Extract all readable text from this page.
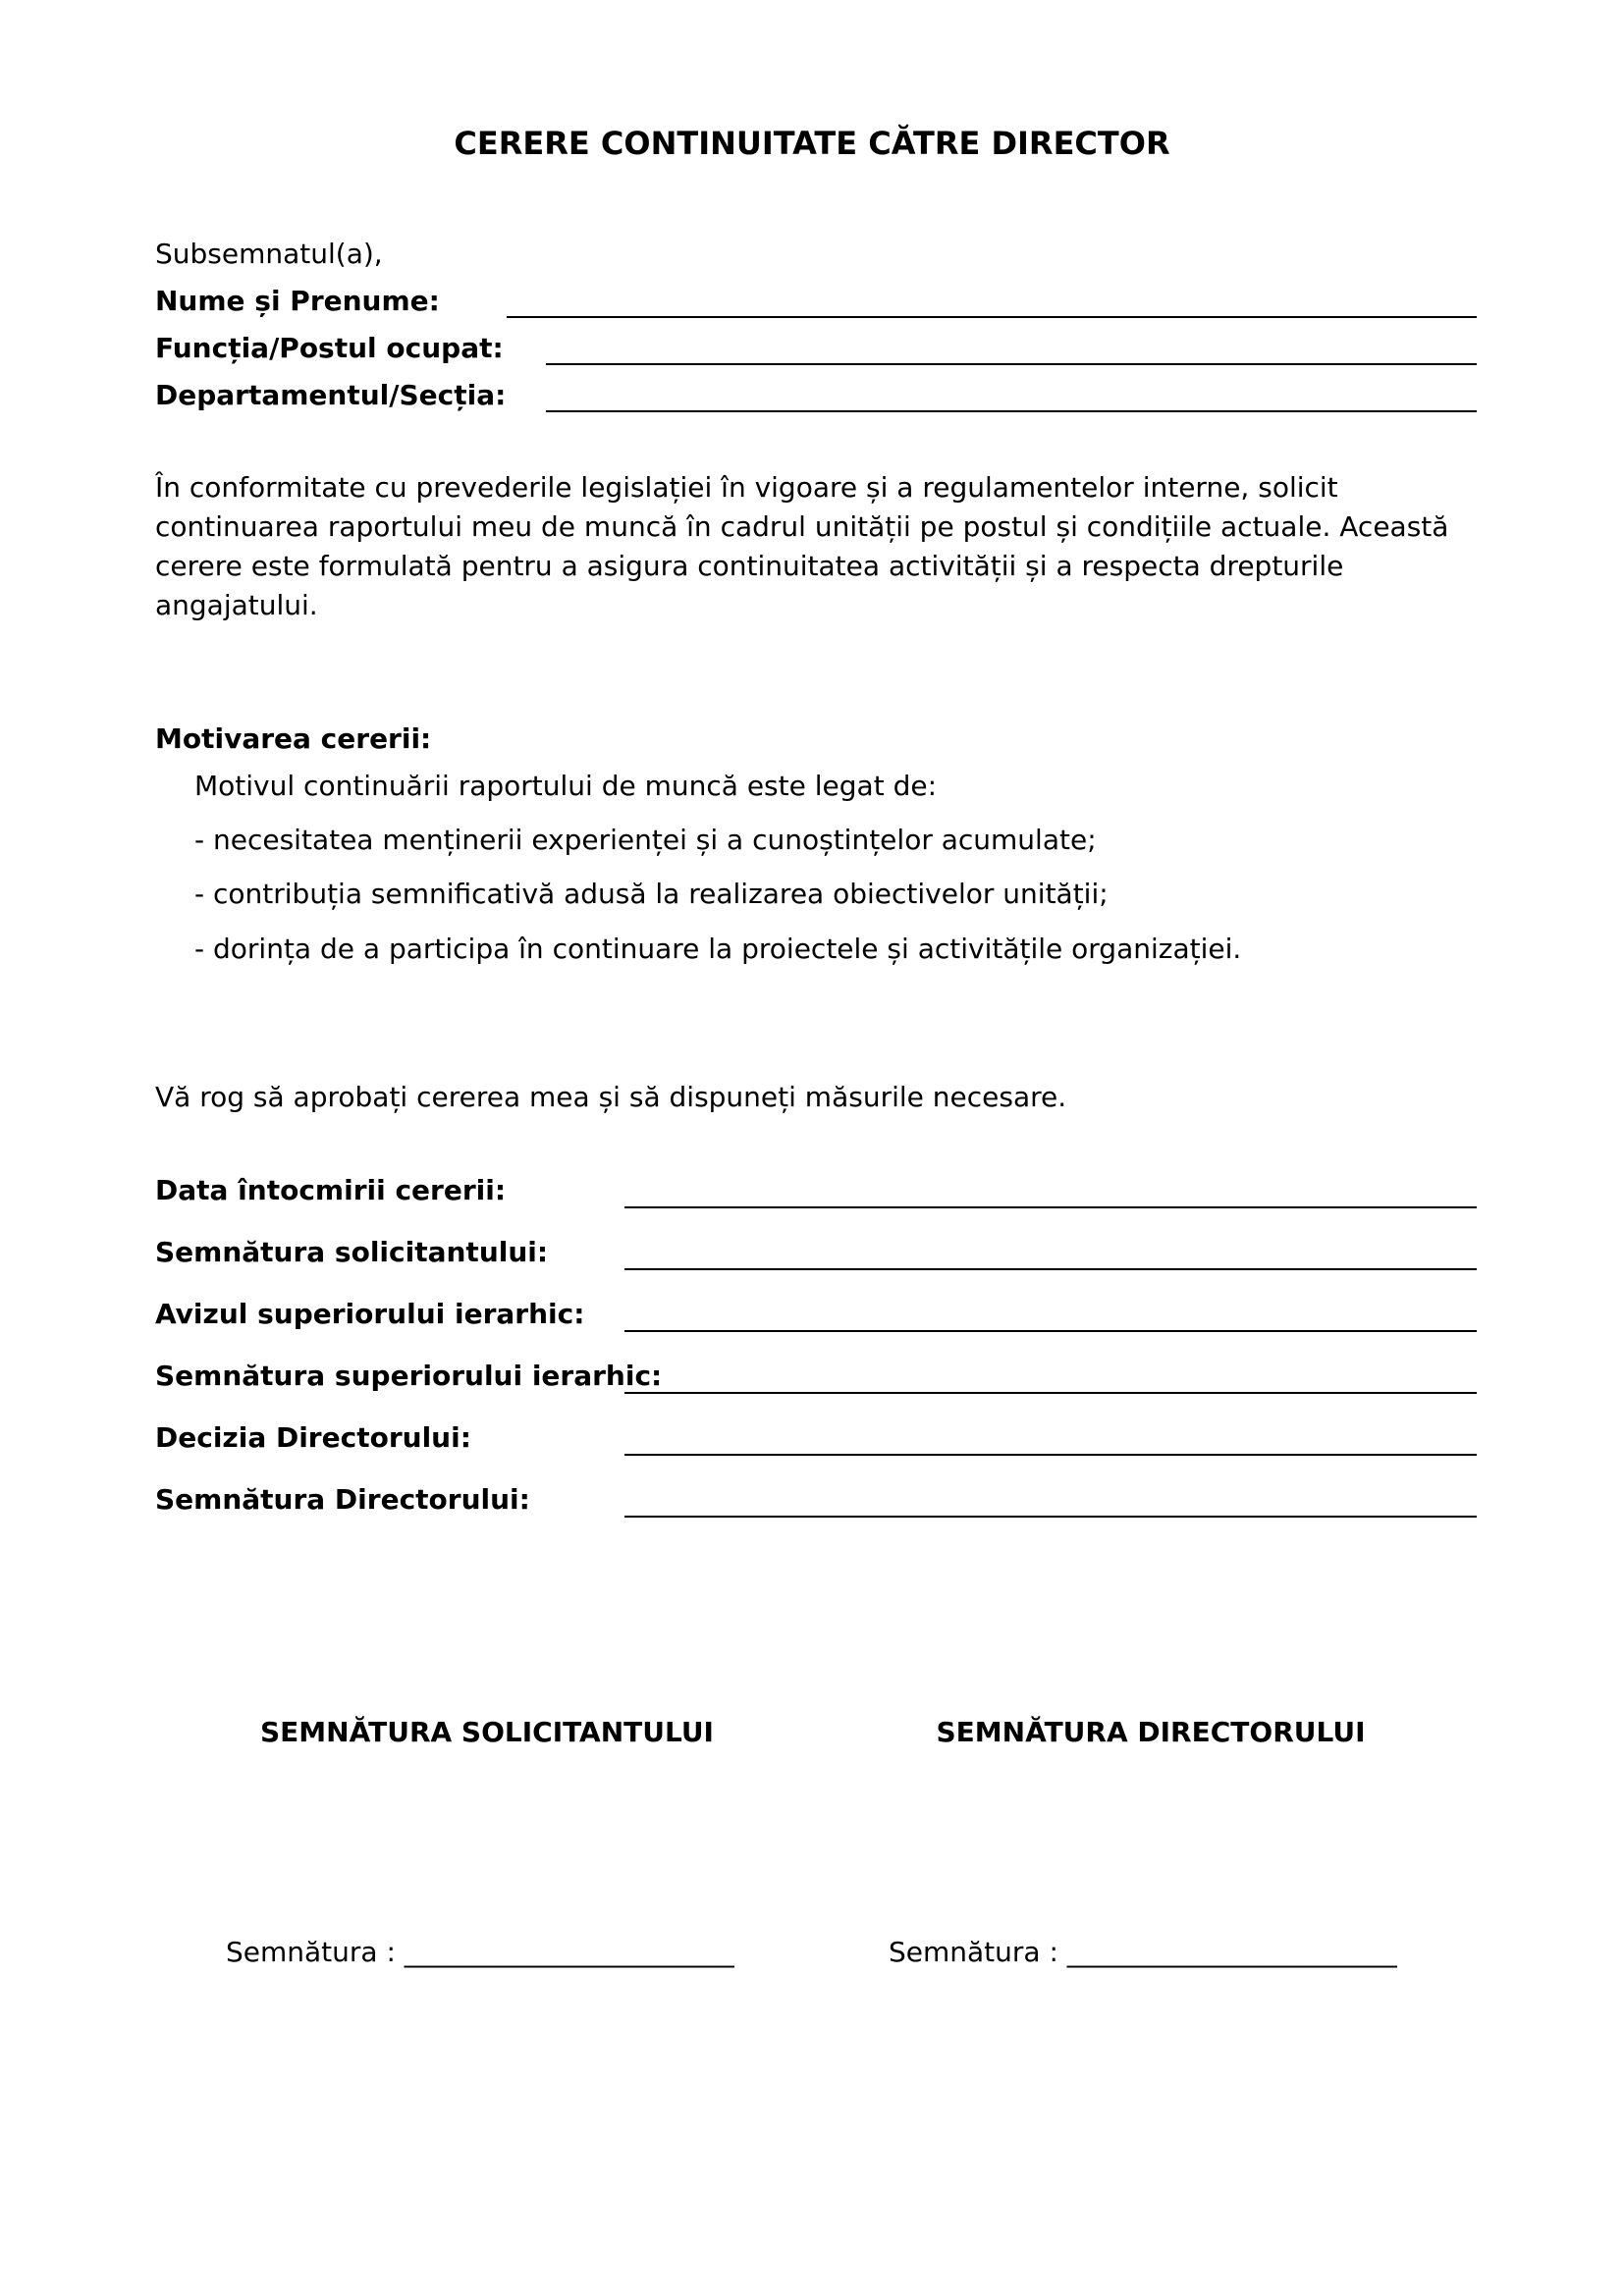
CERERE CONTINUITATE CĂTRE DIRECTOR
Subsemnatul(a),
Nume și Prenume:
Funcția/Postul ocupat:
Departamentul/Secția:
În conformitate cu prevederile legislației în vigoare și a regulamentelor interne, solicit continuarea raportului meu de muncă în cadrul unității pe postul și condițiile actuale. Această cerere este formulată pentru a asigura continuitatea activității și a respecta drepturile angajatului.
Motivarea cererii:
Motivul continuării raportului de muncă este legat de:
- necesitatea menținerii experienței și a cunoștințelor acumulate;
- contribuția semnificativă adusă la realizarea obiectivelor unității;
- dorința de a participa în continuare la proiectele și activitățile organizației.
Vă rog să aprobați cererea mea și să dispuneți măsurile necesare.
Data întocmirii cererii:
Semnătura solicitantului:
Avizul superiorului ierarhic:
Semnătura superiorului ierarhic:
Decizia Directorului:
Semnătura Directorului:
SEMNĂTURA SOLICITANTULUI	SEMNĂTURA DIRECTORULUI
Semnătura : ________________________	Semnătura : ________________________
